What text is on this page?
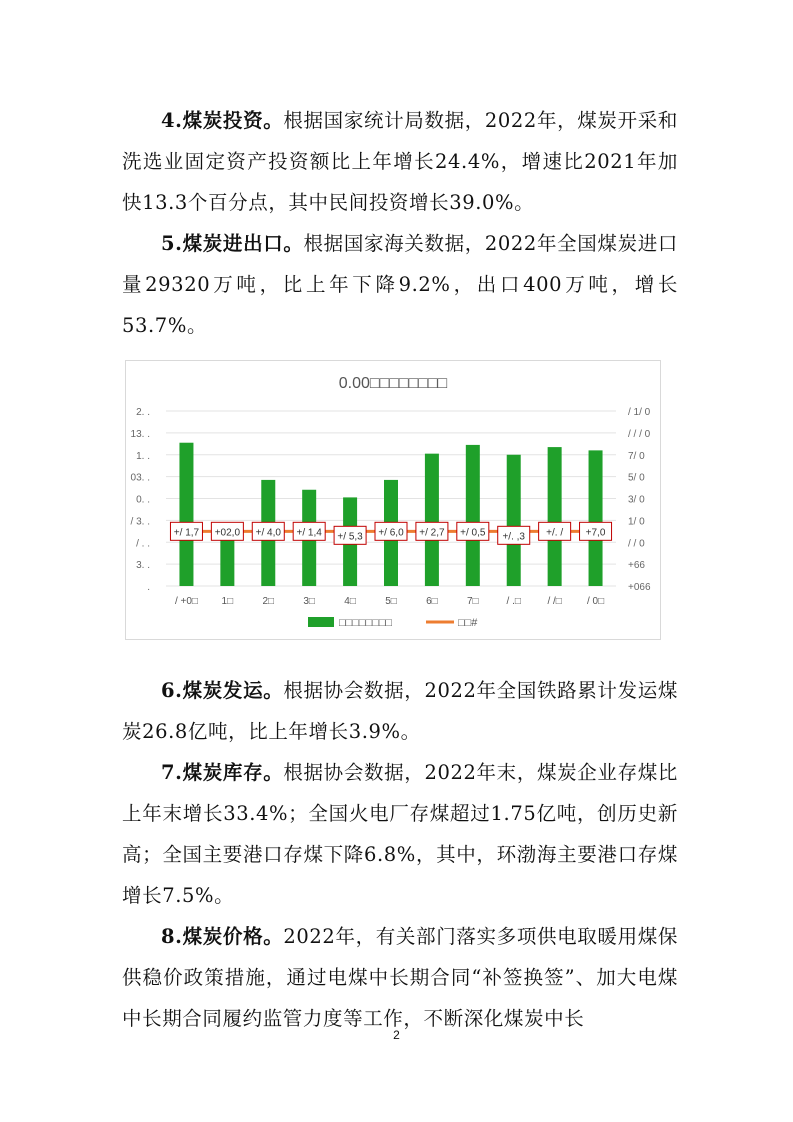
4.煤炭投资。根据国家统计局数据，2022年，煤炭开采和洗选业固定资产投资额比上年增长24.4%，增速比2021年加快13.3个百分点，其中民间投资增长39.0%。

5.煤炭进出口。根据国家海关数据，2022年全国煤炭进口量29320万吨，比上年下降9.2%，出口400万吨，增长53.7%。

0.00□□□□□□□□
2. .	/ 1/ 0
13. .	/ / / 0
1. .	7/ 0
03. .	5/ 0
0. .	3/ 0
/ 3. .	1/ 0
/ . .	/ / 0
3. .	+66
.	+066
/ +0□ 1□	2□	3□	4□	5□	6□	7□	/ .□	/ /□	/ 0□
+/ 1,7 +02,0 +/ 4,0 +/ 1,4 +/ 5,3 +/ 6,0 +/ 2,7 +/ 0,5 +/. ,3 +/. / +7,0
□□□□□□□□	□□#

6.煤炭发运。根据协会数据，2022年全国铁路累计发运煤炭26.8亿吨，比上年增长3.9%。

7.煤炭库存。根据协会数据，2022年末，煤炭企业存煤比上年末增长33.4%；全国火电厂存煤超过1.75亿吨，创历史新高；全国主要港口存煤下降6.8%，其中，环渤海主要港口存煤增长7.5%。

8.煤炭价格。2022年，有关部门落实多项供电取暖用煤保供稳价政策措施，通过电煤中长期合同“补签换签”、加大电煤中长期合同履约监管力度等工作，不断深化煤炭中长

2
